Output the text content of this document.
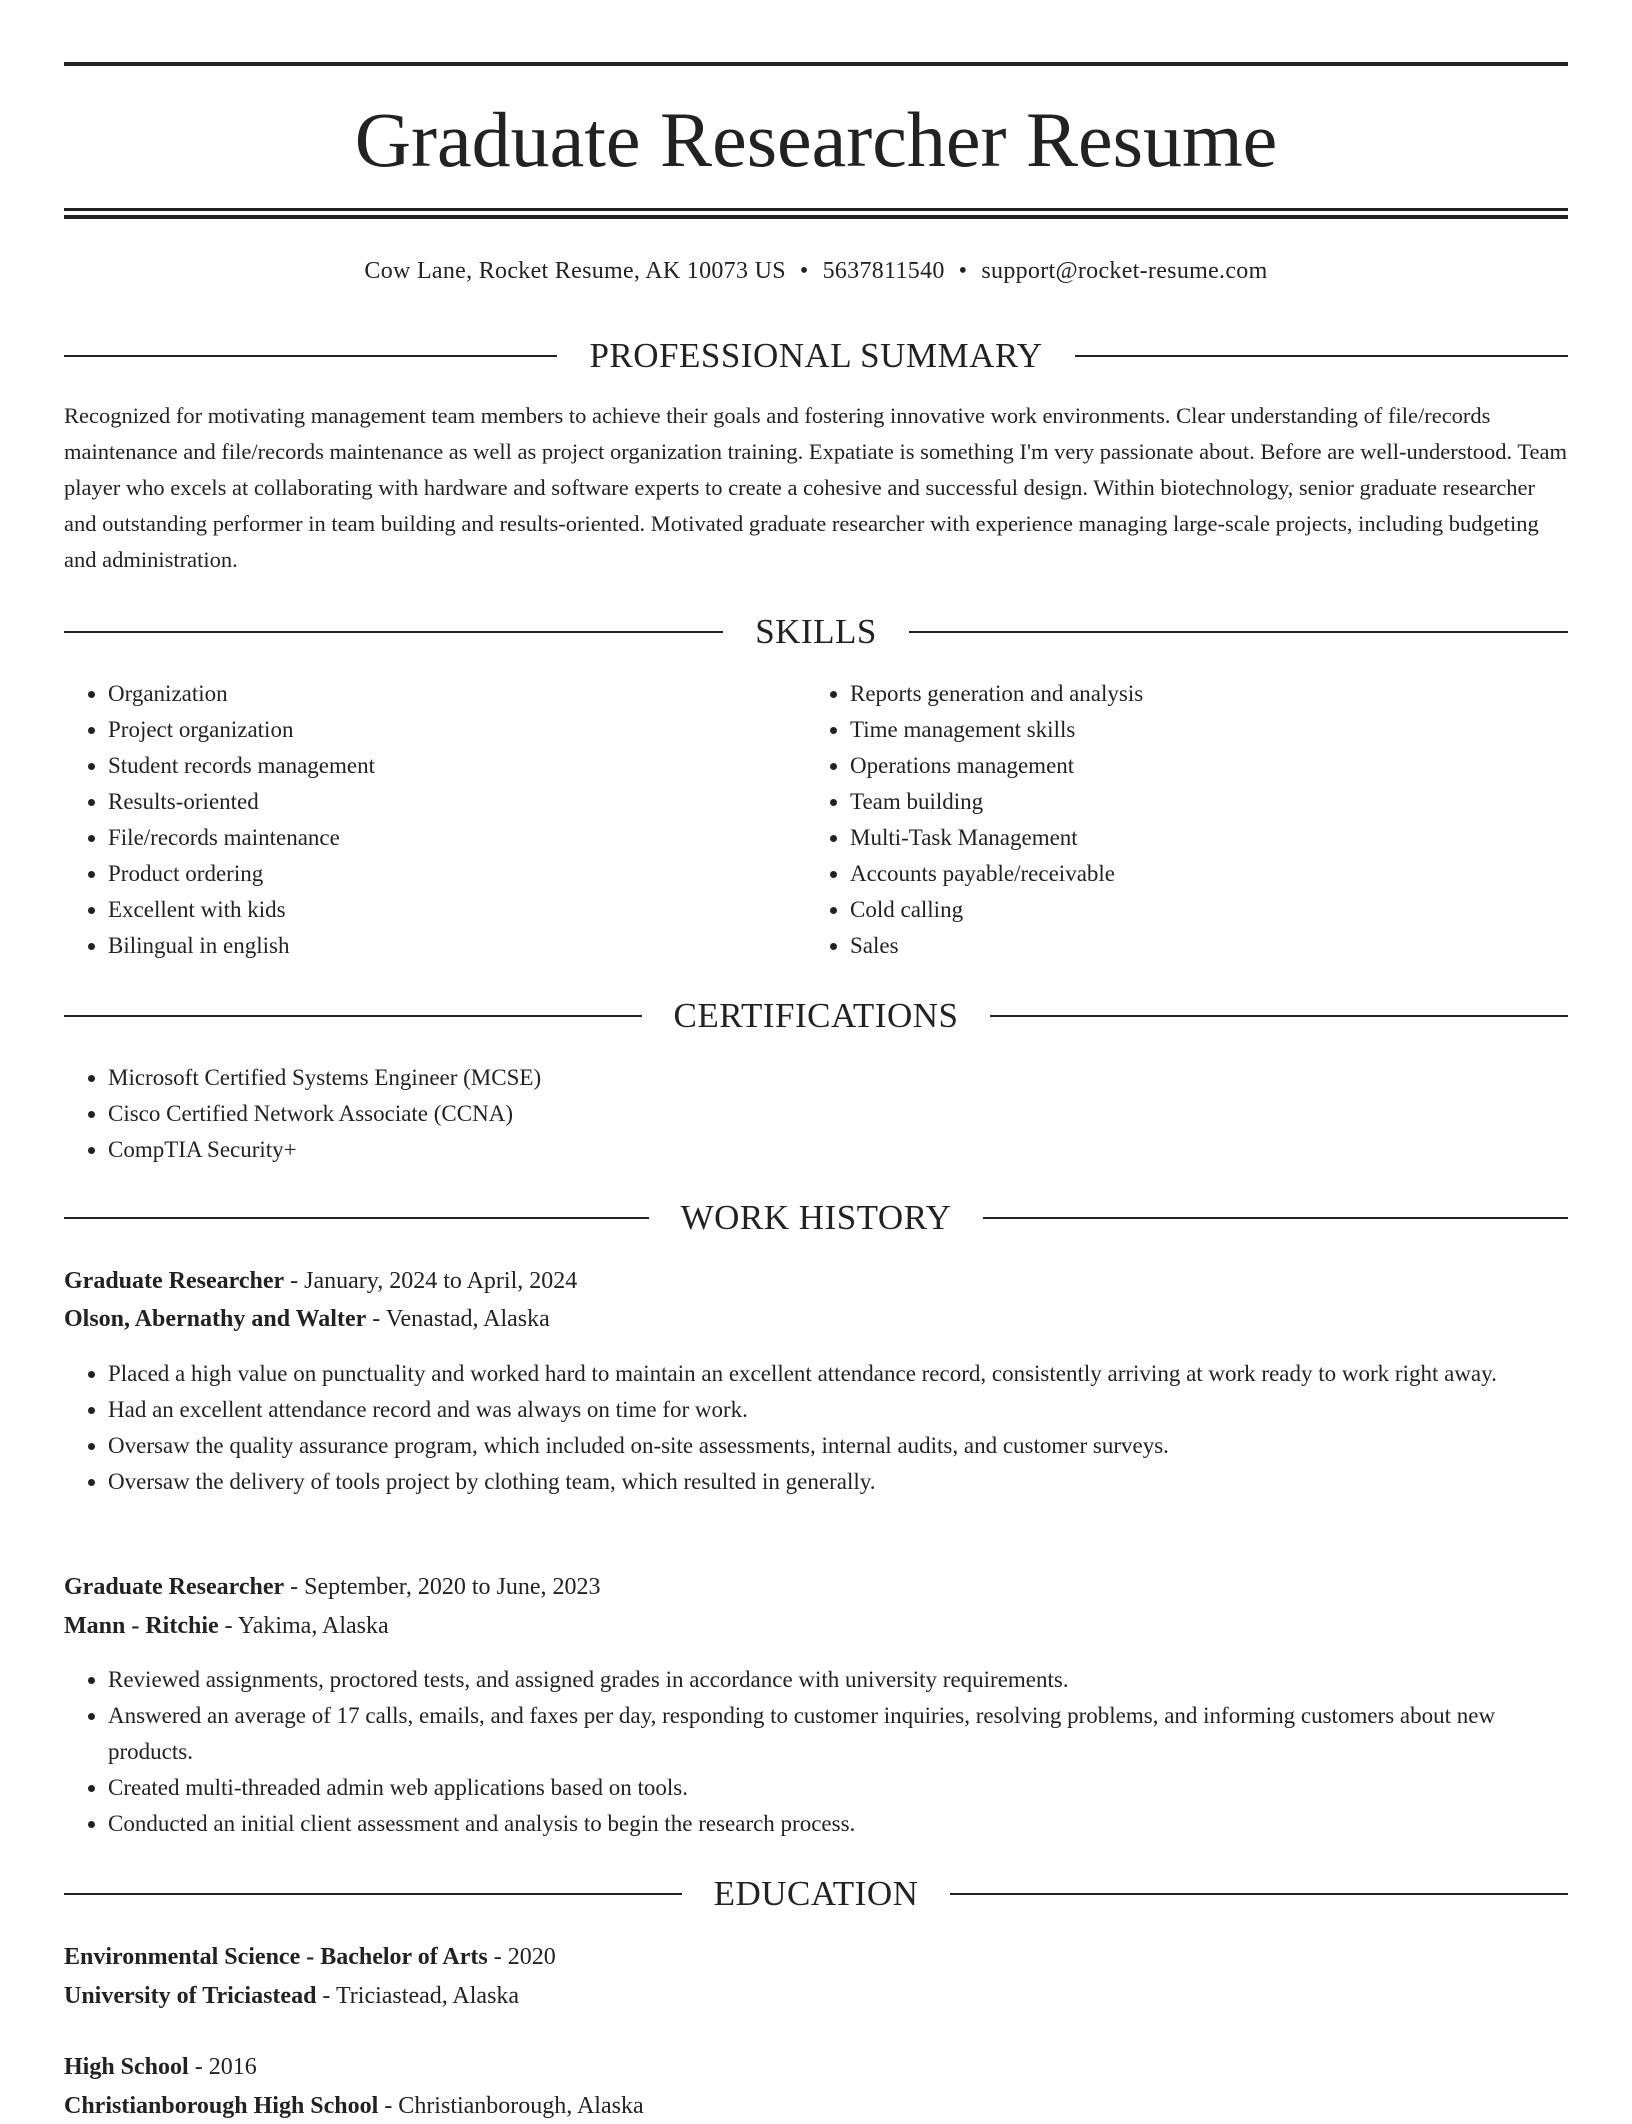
Graduate Researcher Resume
Cow Lane, Rocket Resume, AK 10073 US • 5637811540 • support@rocket-resume.com
PROFESSIONAL SUMMARY

Recognized for motivating management team members to achieve their goals and fostering innovative work environments. Clear understanding of file/records maintenance and file/records maintenance as well as project organization training. Expatiate is something I'm very passionate about. Before are well-understood. Team player who excels at collaborating with hardware and software experts to create a cohesive and successful design. Within biotechnology, senior graduate researcher and outstanding performer in team building and results-oriented. Motivated graduate researcher with experience managing large-scale projects, including budgeting and administration.

SKILLS
• Organization
• Project organization
• Student records management
• Results-oriented
• File/records maintenance
• Product ordering
• Excellent with kids
• Bilingual in english
• Reports generation and analysis
• Time management skills
• Operations management
• Team building
• Multi-Task Management
• Accounts payable/receivable
• Cold calling
• Sales
CERTIFICATIONS
• Microsoft Certified Systems Engineer (MCSE)
• Cisco Certified Network Associate (CCNA)
• CompTIA Security+
WORK HISTORY
Graduate Researcher - January, 2024 to April, 2024
Olson, Abernathy and Walter - Venastad, Alaska
• Placed a high value on punctuality and worked hard to maintain an excellent attendance record, consistently arriving at work ready to work right away.
• Had an excellent attendance record and was always on time for work.
• Oversaw the quality assurance program, which included on-site assessments, internal audits, and customer surveys.
• Oversaw the delivery of tools project by clothing team, which resulted in generally.
Graduate Researcher - September, 2020 to June, 2023
Mann - Ritchie - Yakima, Alaska
• Reviewed assignments, proctored tests, and assigned grades in accordance with university requirements.
• Answered an average of 17 calls, emails, and faxes per day, responding to customer inquiries, resolving problems, and informing customers about new products.
• Created multi-threaded admin web applications based on tools.
• Conducted an initial client assessment and analysis to begin the research process.
EDUCATION
Environmental Science - Bachelor of Arts - 2020
University of Triciastead - Triciastead, Alaska
High School - 2016
Christianborough High School - Christianborough, Alaska
